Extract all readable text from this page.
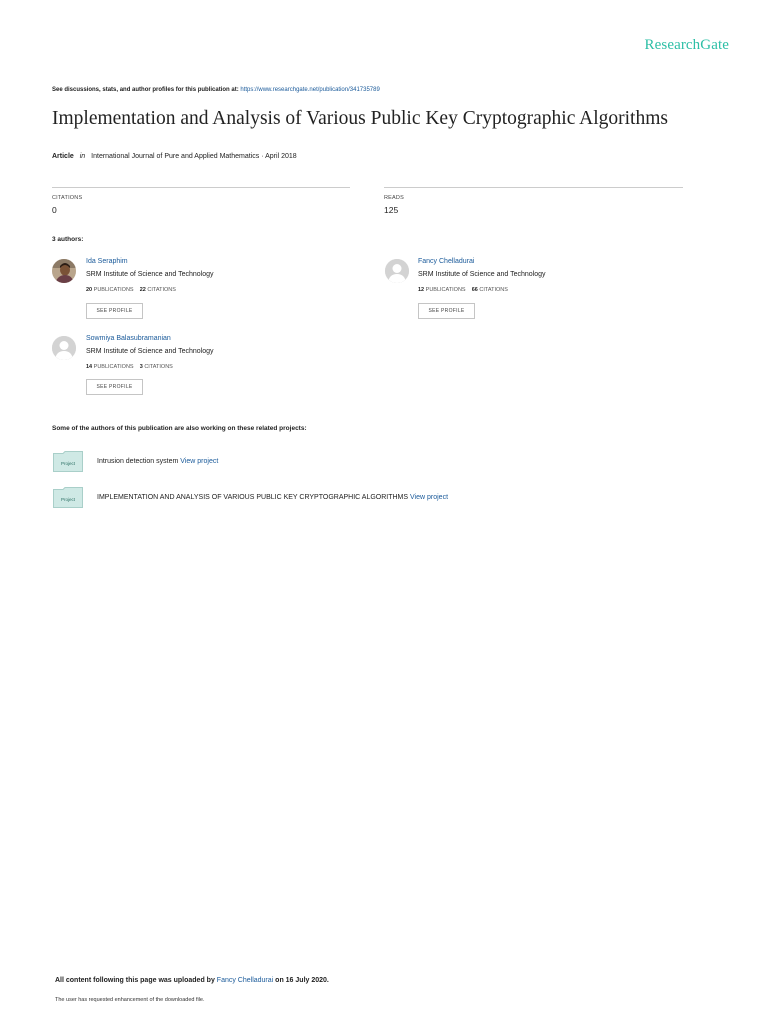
ResearchGate
See discussions, stats, and author profiles for this publication at: https://www.researchgate.net/publication/341735789
Implementation and Analysis of Various Public Key Cryptographic Algorithms
Article in International Journal of Pure and Applied Mathematics · April 2018
CITATIONS
0
READS
125
3 authors:
Ida Seraphim
SRM Institute of Science and Technology
20 PUBLICATIONS 22 CITATIONS
SEE PROFILE
Fancy Chelladurai
SRM Institute of Science and Technology
12 PUBLICATIONS 66 CITATIONS
SEE PROFILE
Sowmiya Balasubramanian
SRM Institute of Science and Technology
14 PUBLICATIONS 3 CITATIONS
SEE PROFILE
Some of the authors of this publication are also working on these related projects:
Project	Intrusion detection system View project
Project	IMPLEMENTATION AND ANALYSIS OF VARIOUS PUBLIC KEY CRYPTOGRAPHIC ALGORITHMS View project
All content following this page was uploaded by Fancy Chelladurai on 16 July 2020.
The user has requested enhancement of the downloaded file.
